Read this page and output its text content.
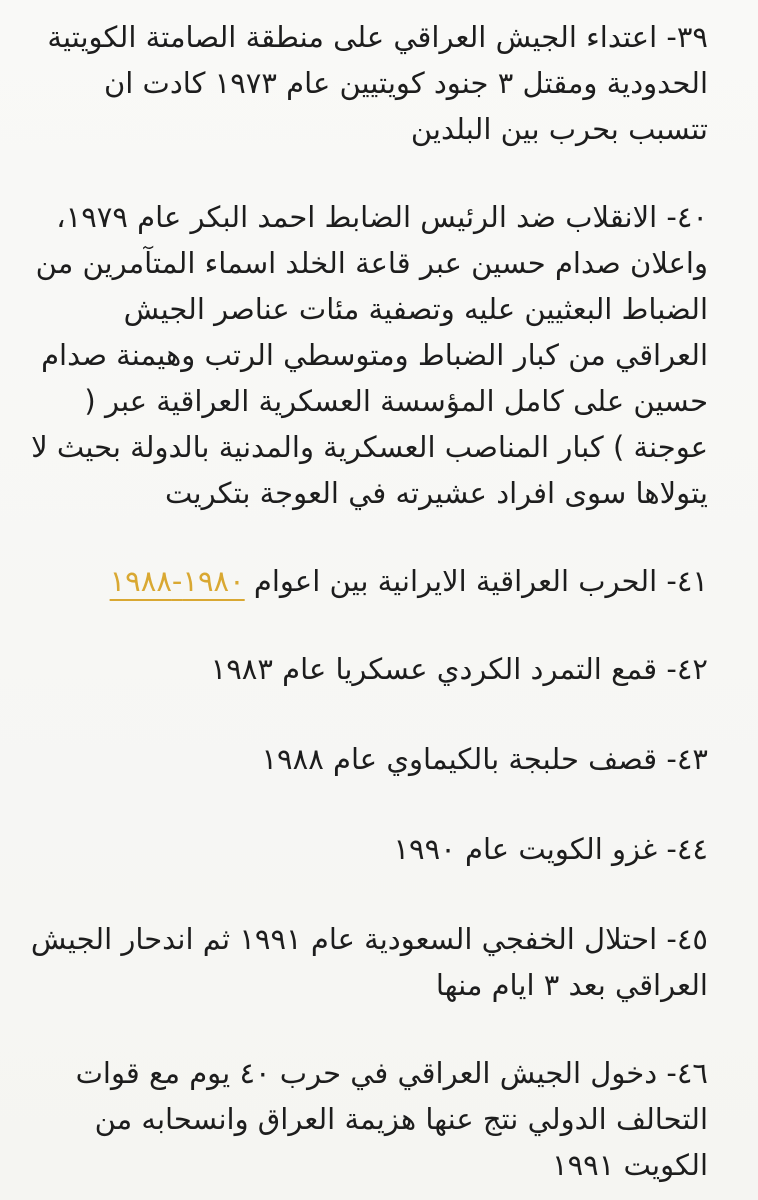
٣٩- اعتداء الجيش العراقي على منطقة الصامتة الكويتية الحدودية ومقتل ٣ جنود كويتيين عام ١٩٧٣ كادت ان تتسبب بحرب بين البلدين

٤٠- الانقلاب ضد الرئيس الضابط احمد البكر عام ١٩٧٩، واعلان صدام حسين عبر قاعة الخلد اسماء المتآمرين من الضباط البعثيين عليه وتصفية مئات عناصر الجيش العراقي من كبار الضباط ومتوسطي الرتب وهيمنة صدام حسين على كامل المؤسسة العسكرية العراقية عبر ( عوجنة ) كبار المناصب العسكرية والمدنية بالدولة بحيث لا يتولاها سوى افراد عشيرته في العوجة بتكريت

٤١- الحرب العراقية الايرانية بين اعوام ١٩٨٠-١٩٨٨

٤٢- قمع التمرد الكردي عسكريا عام ١٩٨٣

٤٣- قصف حلبجة بالكيماوي عام ١٩٨٨

٤٤- غزو الكويت عام ١٩٩٠

٤٥- احتلال الخفجي السعودية عام ١٩٩١ ثم اندحار الجيش العراقي بعد ٣ ايام منها

٤٦- دخول الجيش العراقي في حرب ٤٠ يوم مع قوات التحالف الدولي نتج عنها هزيمة العراق وانسحابه من الكويت ١٩٩١
